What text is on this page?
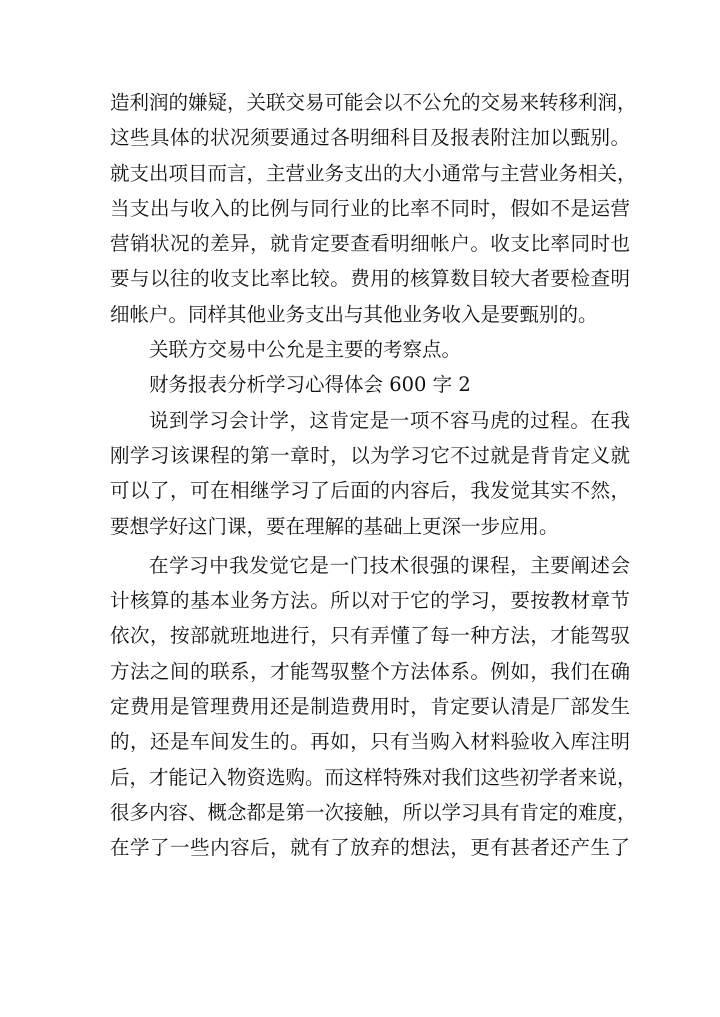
造利润的嫌疑，关联交易可能会以不公允的交易来转移利润，
这些具体的状况须要通过各明细科目及报表附注加以甄别。
就支出项目而言，主营业务支出的大小通常与主营业务相关，
当支出与收入的比例与同行业的比率不同时，假如不是运营
营销状况的差异，就肯定要查看明细帐户。收支比率同时也
要与以往的收支比率比较。费用的核算数目较大者要检查明
细帐户。同样其他业务支出与其他业务收入是要甄别的。
关联方交易中公允是主要的考察点。
财务报表分析学习心得体会 600 字 2
说到学习会计学，这肯定是一项不容马虎的过程。在我
刚学习该课程的第一章时，以为学习它不过就是背肯定义就
可以了，可在相继学习了后面的内容后，我发觉其实不然，
要想学好这门课，要在理解的基础上更深一步应用。
在学习中我发觉它是一门技术很强的课程，主要阐述会
计核算的基本业务方法。所以对于它的学习，要按教材章节
依次，按部就班地进行，只有弄懂了每一种方法，才能驾驭
方法之间的联系，才能驾驭整个方法体系。例如，我们在确
定费用是管理费用还是制造费用时，肯定要认清是厂部发生
的，还是车间发生的。再如，只有当购入材料验收入库注明
后，才能记入物资选购。而这样特殊对我们这些初学者来说，
很多内容、概念都是第一次接触，所以学习具有肯定的难度，
在学了一些内容后，就有了放弃的想法，更有甚者还产生了
